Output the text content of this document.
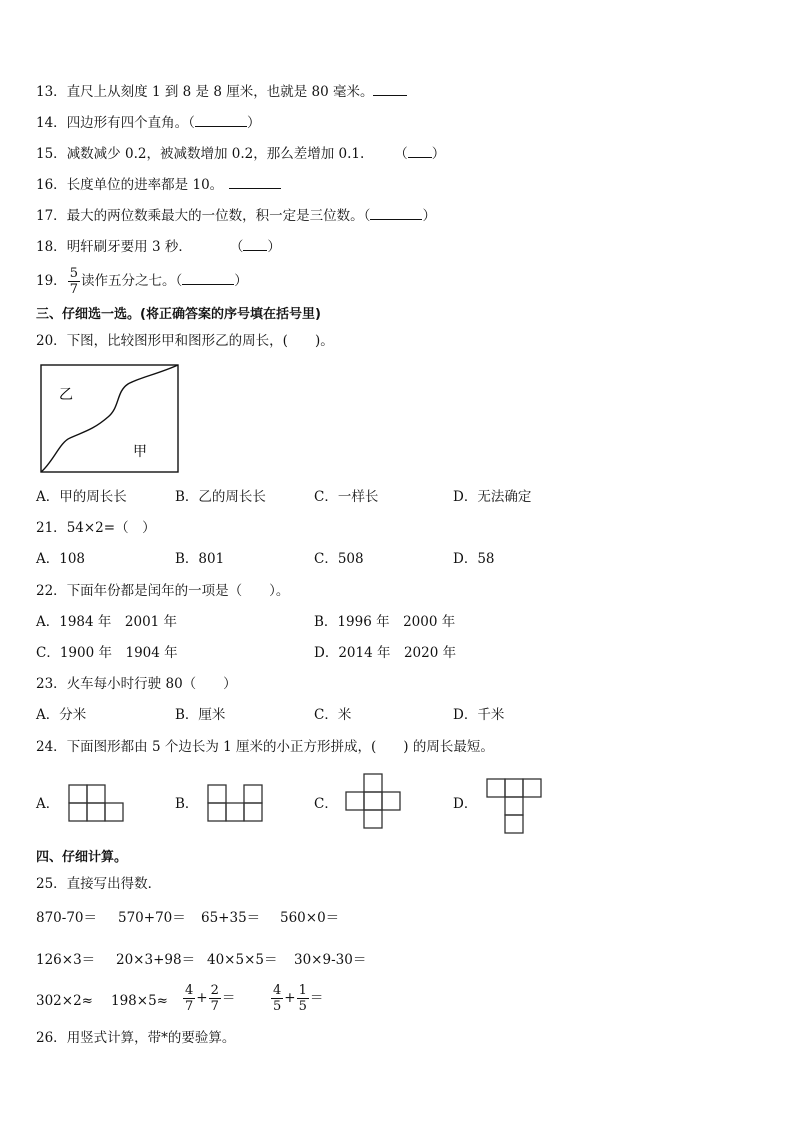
13．直尺上从刻度 1 到 8 是 8 厘米，也就是 80 毫米。
14．四边形有四个直角。（	）
15．减数减少 0.2，被减数增加 0.2，那么差增加 0.1. （ ）
16．长度单位的进率都是 10。
17．最大的两位数乘最大的一位数，积一定是三位数。（	）
18．明轩刷牙要用 3 秒．	（ ）
19． $\frac{5}{7}$ 读作五分之七。（	）
三、仔细选一选。(将正确答案的序号填在括号里)
20．下图，比较图形甲和图形乙的周长，(　　)。
乙
甲
A．甲的周长长	B．乙的周长长	C．一样长	D．无法确定
21．54×2=（　）
A．108	B．801	C．508	D．58
22．下面年份都是闰年的一项是（　　）。
A．1984 年　2001 年	B．1996 年　2000 年
C．1900 年　1904 年	D．2014 年　2020 年
23．火车每小时行驶 80（　　）
A．分米	B．厘米	C．米	D．千米
24．下面图形都由 5 个边长为 1 厘米的小正方形拼成，(　　) 的周长最短。
A．	B．	C．	D．
四、仔细计算。
25．直接写出得数．
870-70＝ 570+70＝ 65+35＝ 560×0＝
126×3＝ 20×3+98＝ 40×5×5＝ 30×9-30＝
$302\times 2\approx 198\times 5\approx \frac{4}{7} + \frac{2}{7}$ ＝	$\frac{4}{5} + \frac{1}{5}$ ＝
26．用竖式计算，带*的要验算。
